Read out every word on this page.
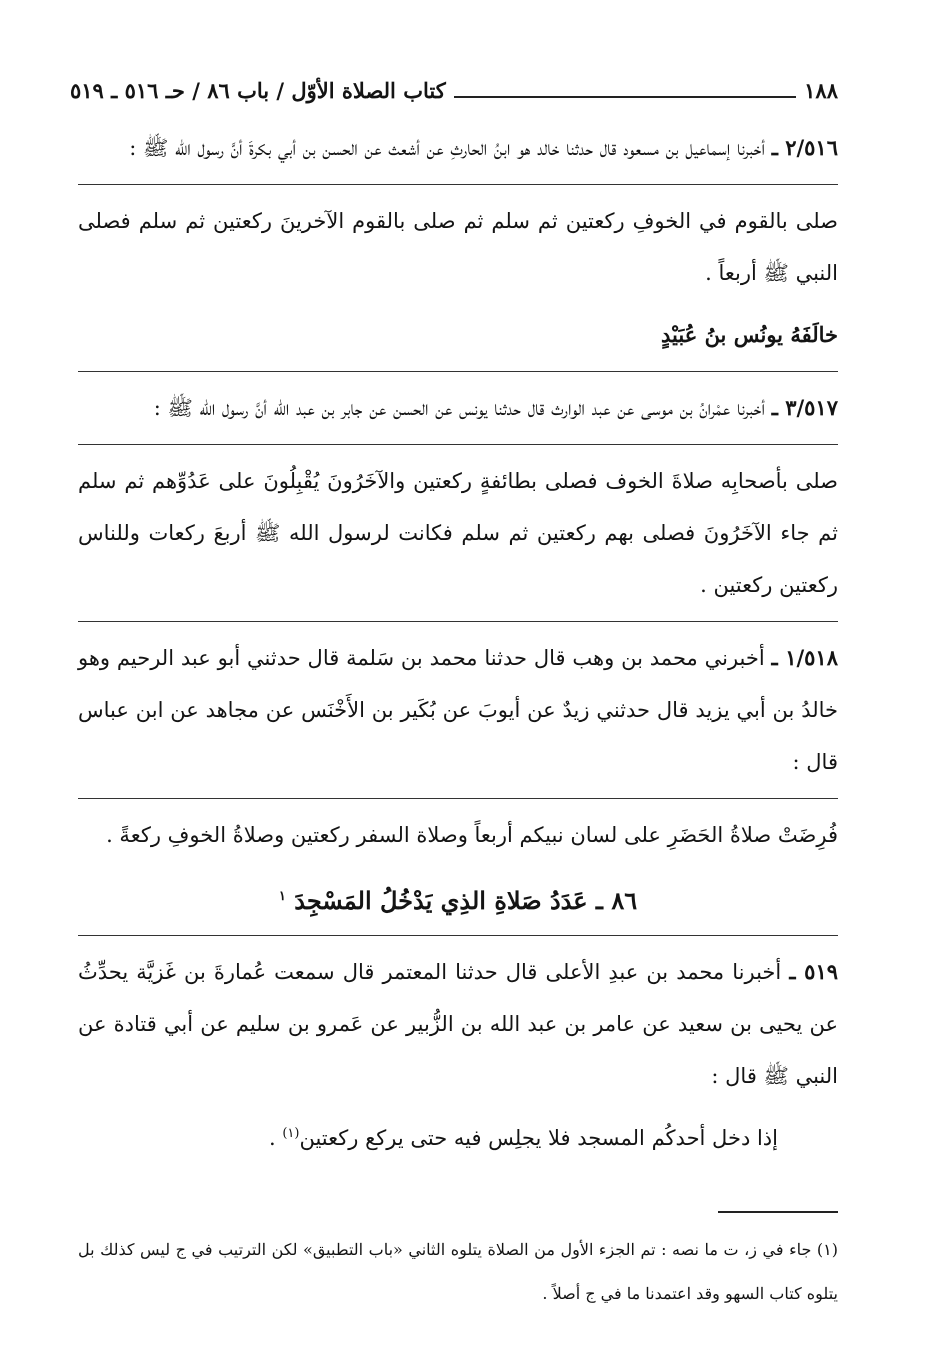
١٨٨
كتاب الصلاة الأوّل / باب ٨٦ / حـ ٥١٦ ـ ٥١٩

٢/٥١٦ ـ أخبرنا إسماعيل بن مسعود قال حدثنا خالد هو ابنُ الحارثِ عن أشعث عن الحسن بن أبي بكرةَ أنَّ رسول الله ﷺ :

صلى بالقوم في الخوفِ ركعتين ثم سلم ثم صلى بالقوم الآخرينَ ركعتين ثم سلم فصلى النبي ﷺ أربعاً .

خالَفَهُ يونُس بنُ عُبَيْدٍ

٣/٥١٧ ـ أخبرنا عمْرانُ بن موسى عن عبد الوارث قال حدثنا يونس عن الحسن عن جابر بن عبد الله أنَّ رسول الله ﷺ :

صلى بأصحابِه صلاةَ الخوف فصلى بطائفةٍ ركعتين والآخَرُونَ يُقْبِلُونَ على عَدُوِّهم ثم سلم ثم جاء الآخَرُونَ فصلى بهم ركعتين ثم سلم فكانت لرسول الله ﷺ أربعَ ركعات وللناس ركعتين ركعتين .

١/٥١٨ ـ أخبرني محمد بن وهب قال حدثنا محمد بن سَلمة قال حدثني أبو عبد الرحيم وهو خالدُ بن أبي يزيد قال حدثني زيدٌ عن أيوبَ عن بُكَير بن الأَخْنَس عن مجاهد عن ابن عباس قال :

فُرِضَتْ صلاةُ الحَضَرِ على لسان نبيكم أربعاً وصلاة السفر ركعتين وصلاةُ الخوفِ ركعةً .

٨٦ ـ عَدَدُ صَلاةِ الذِي يَدْخُلُ المَسْجِدَ $^١$

٥١٩ ـ أخبرنا محمد بن عبدِ الأعلى قال حدثنا المعتمر قال سمعت عُمارةَ بن غَزيَّة يحدِّثُ عن يحيى بن سعيد عن عامر بن عبد الله بن الزُّبير عن عَمرو بن سليم عن أبي قتادة عن النبي ﷺ قال :

إذا دخل أحدكُم المسجد فلا يجلِس فيه حتى يركع ركعتين$^{(١)}$ .

(١) جاء في ز، ت ما نصه : تم الجزء الأول من الصلاة يتلوه الثاني «باب التطبيق» لكن الترتيب في ج ليس كذلك بل يتلوه كتاب السهو وقد اعتمدنا ما في ج أصلاً .
